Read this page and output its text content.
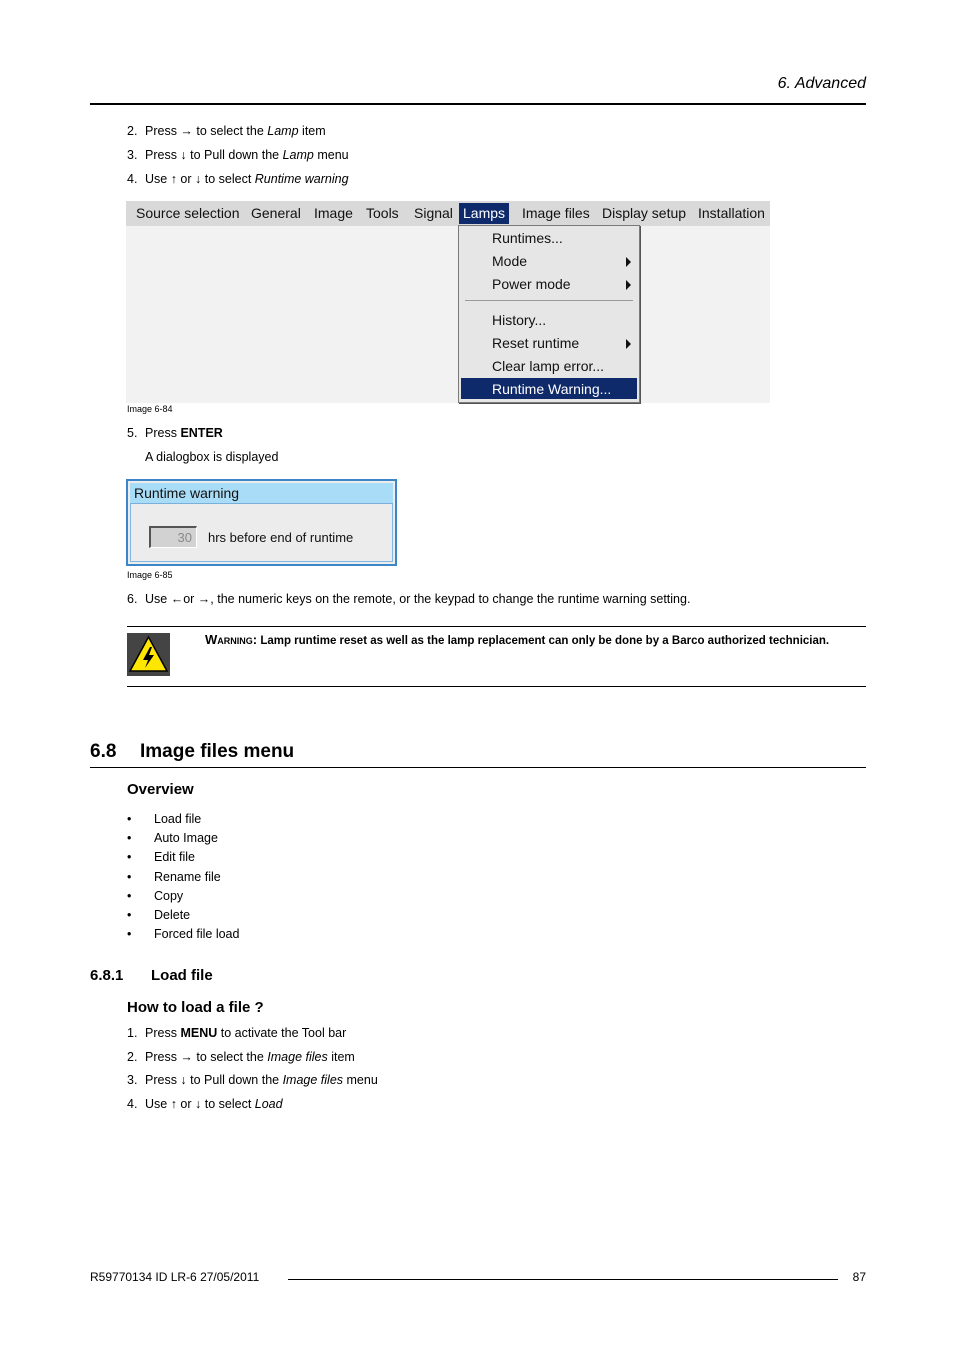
6. Advanced
2. Press → to select the Lamp item
3. Press ↓ to Pull down the Lamp menu
4. Use ↑ or ↓ to select Runtime warning
Source selection General Image Tools Signal Lamps Image files Display setup Installation
Runtimes...
Mode
Power mode
History...
Reset runtime
Clear lamp error...
Runtime Warning...
Image 6-84
5. Press ENTER
A dialogbox is displayed
Runtime warning
30	hrs before end of runtime
Image 6-85
6. Use ←or →, the numeric keys on the remote, or the keypad to change the runtime warning setting.
Warning: Lamp runtime reset as well as the lamp replacement can only be done by a Barco authorized technician.
6.8 Image files menu
Overview
• Load file
• Auto Image
• Edit file
• Rename file
• Copy
• Delete
• Forced file load
6.8.1 Load file
How to load a file ?
1. Press MENU to activate the Tool bar
2. Press → to select the Image files item
3. Press ↓ to Pull down the Image files menu
4. Use ↑ or ↓ to select Load
R59770134 ID LR-6 27/05/2011	87
